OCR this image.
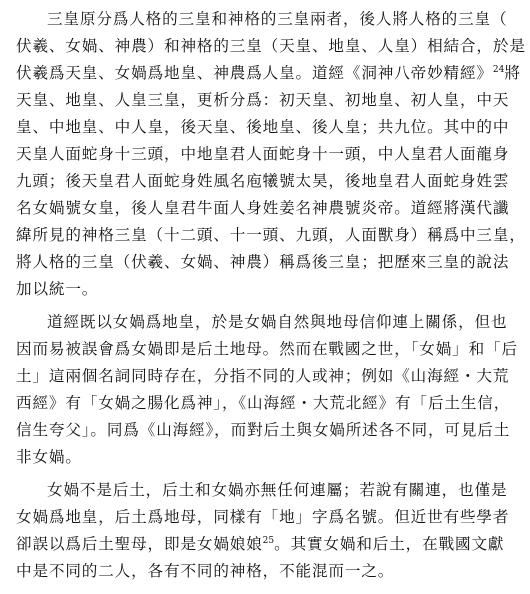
三皇原分爲人格的三皇和神格的三皇兩者，後人將人格的三皇（
伏羲、女媧、神農）和神格的三皇（天皇、地皇、人皇）相結合，於是
伏羲爲天皇、女媧爲地皇、神農爲人皇。道經《洞神八帝妙精經》$^{24}$將
天皇、地皇、人皇三皇，更析分爲：初天皇、初地皇、初人皇，中天
皇、中地皇、中人皇，後天皇、後地皇、後人皇；共九位。其中的中
天皇人面蛇身十三頭，中地皇君人面蛇身十一頭，中人皇君人面龍身
九頭；後天皇君人面蛇身姓風名庖犧號太昊，後地皇君人面蛇身姓雲
名女媧號女皇，後人皇君牛面人身姓姜名神農號炎帝。道經將漢代讖
緯所見的神格三皇（十二頭、十一頭、九頭，人面獸身）稱爲中三皇，
將人格的三皇（伏羲、女媧、神農）稱爲後三皇；把歷來三皇的說法
加以統一。
道經既以女媧爲地皇，於是女媧自然與地母信仰連上關係，但也
因而易被誤會爲女媧即是后土地母。然而在戰國之世，「女媧」和「后
土」這兩個名詞同時存在，分指不同的人或神；例如《山海經・大荒
西經》有「女媧之腸化爲神」，《山海經・大荒北經》有「后土生信，
信生夸父」。同爲《山海經》，而對后土與女媧所述各不同，可見后土
非女媧。
女媧不是后土，后土和女媧亦無任何連屬；若說有關連，也僅是
女媧爲地皇，后土爲地母，同樣有「地」字爲名號。但近世有些學者
卻誤以爲后土聖母，即是女媧娘娘$^{25}$。其實女媧和后土，在戰國文獻
中是不同的二人，各有不同的神格，不能混而一之。
